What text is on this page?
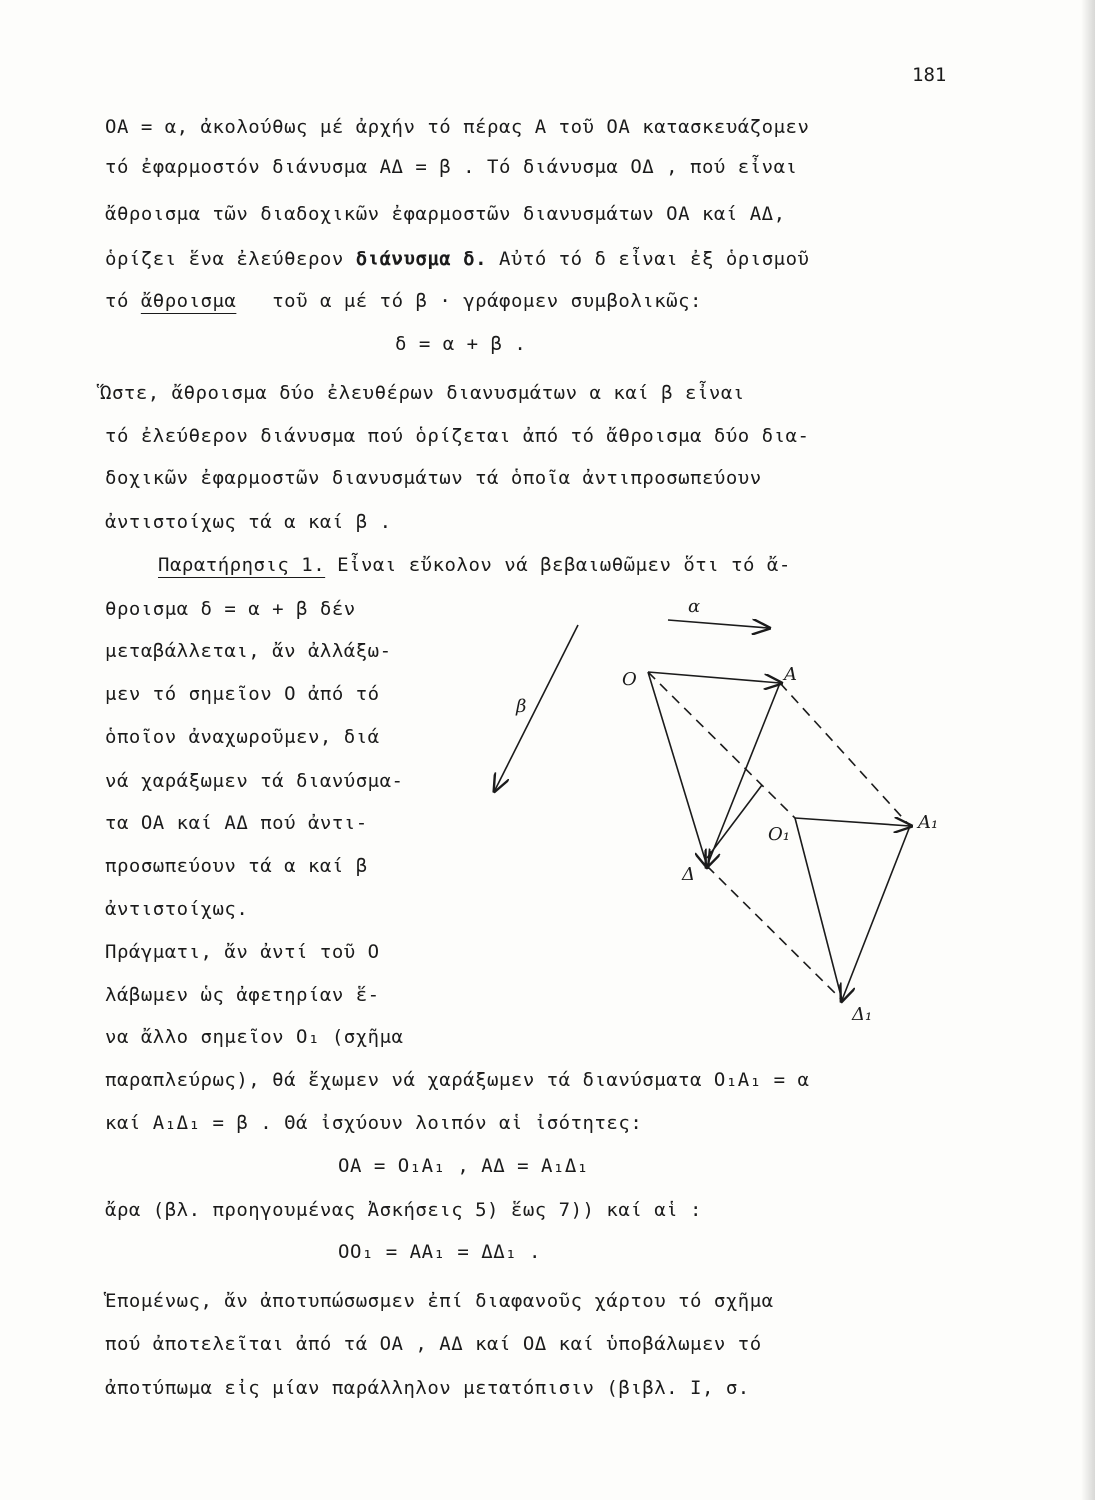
181
ΟΑ = α, ἀκολούθως μέ ἀρχήν τό πέρας Α τοῦ ΟΑ κατασκευάζομεν
τό ἐφαρμοστόν διάνυσμα ΑΔ = β . Τό διάνυσμα ΟΔ , πού εἶναι
ἄθροισμα τῶν διαδοχικῶν ἐφαρμοστῶν διανυσμάτων ΟΑ καί ΑΔ,
ὁρίζει ἕνα ἐλεύθερον διάνυσμα δ. Αὐτό τό δ εἶναι ἐξ ὁρισμοῦ
τό ἄθροισμα τοῦ α μέ τό β · γράφομεν συμβολικῶς:
δ = α + β .
Ὥστε, ἄθροισμα δύο ἐλευθέρων διανυσμάτων α καί β εἶναι
τό ἐλεύθερον διάνυσμα πού ὁρίζεται ἀπό τό ἄθροισμα δύο δια-
δοχικῶν ἐφαρμοστῶν διανυσμάτων τά ὁποῖα ἀντιπροσωπεύουν
ἀντιστοίχως τά α καί β .
Παρατήρησις 1. Εἶναι εὔκολον νά βεβαιωθῶμεν ὅτι τό ἄ-
θροισμα δ = α + β δέν
μεταβάλλεται, ἄν ἀλλάξω-
μεν τό σημεῖον Ο ἀπό τό
ὁποῖον ἀναχωροῦμεν, διά
νά χαράξωμεν τά διανύσμα-
τα ΟΑ καί ΑΔ πού ἀντι-
προσωπεύουν τά α καί β
ἀντιστοίχως.
Πράγματι, ἄν ἀντί τοῦ Ο
λάβωμεν ὡς ἀφετηρίαν ἕ-
να ἄλλο σημεῖον Ο₁ (σχῆμα
παραπλεύρως), θά ἔχωμεν νά χαράξωμεν τά διανύσματα Ο₁Α₁ = α
καί Α₁Δ₁ = β . Θά ἰσχύουν λοιπόν αἱ ἰσότητες:
ΟΑ = Ο₁Α₁ , ΑΔ = Α₁Δ₁
ἄρα (βλ. προηγουμένας Ἀσκήσεις 5) ἕως 7)) καί αἱ :
ΟΟ₁ = ΑΑ₁ = ΔΔ₁ .
Ἑπομένως, ἄν ἀποτυπώσωσμεν ἐπί διαφανοῦς χάρτου τό σχῆμα
πού ἀποτελεῖται ἀπό τά ΟΑ , ΑΔ καί ΟΔ καί ὑποβάλωμεν τό
ἀποτύπωμα εἰς μίαν παράλληλον μετατόπισιν (βιβλ. Ι, σ.
α
β
Ο	Α
Ο₁
Α₁
Δ
Δ₁
